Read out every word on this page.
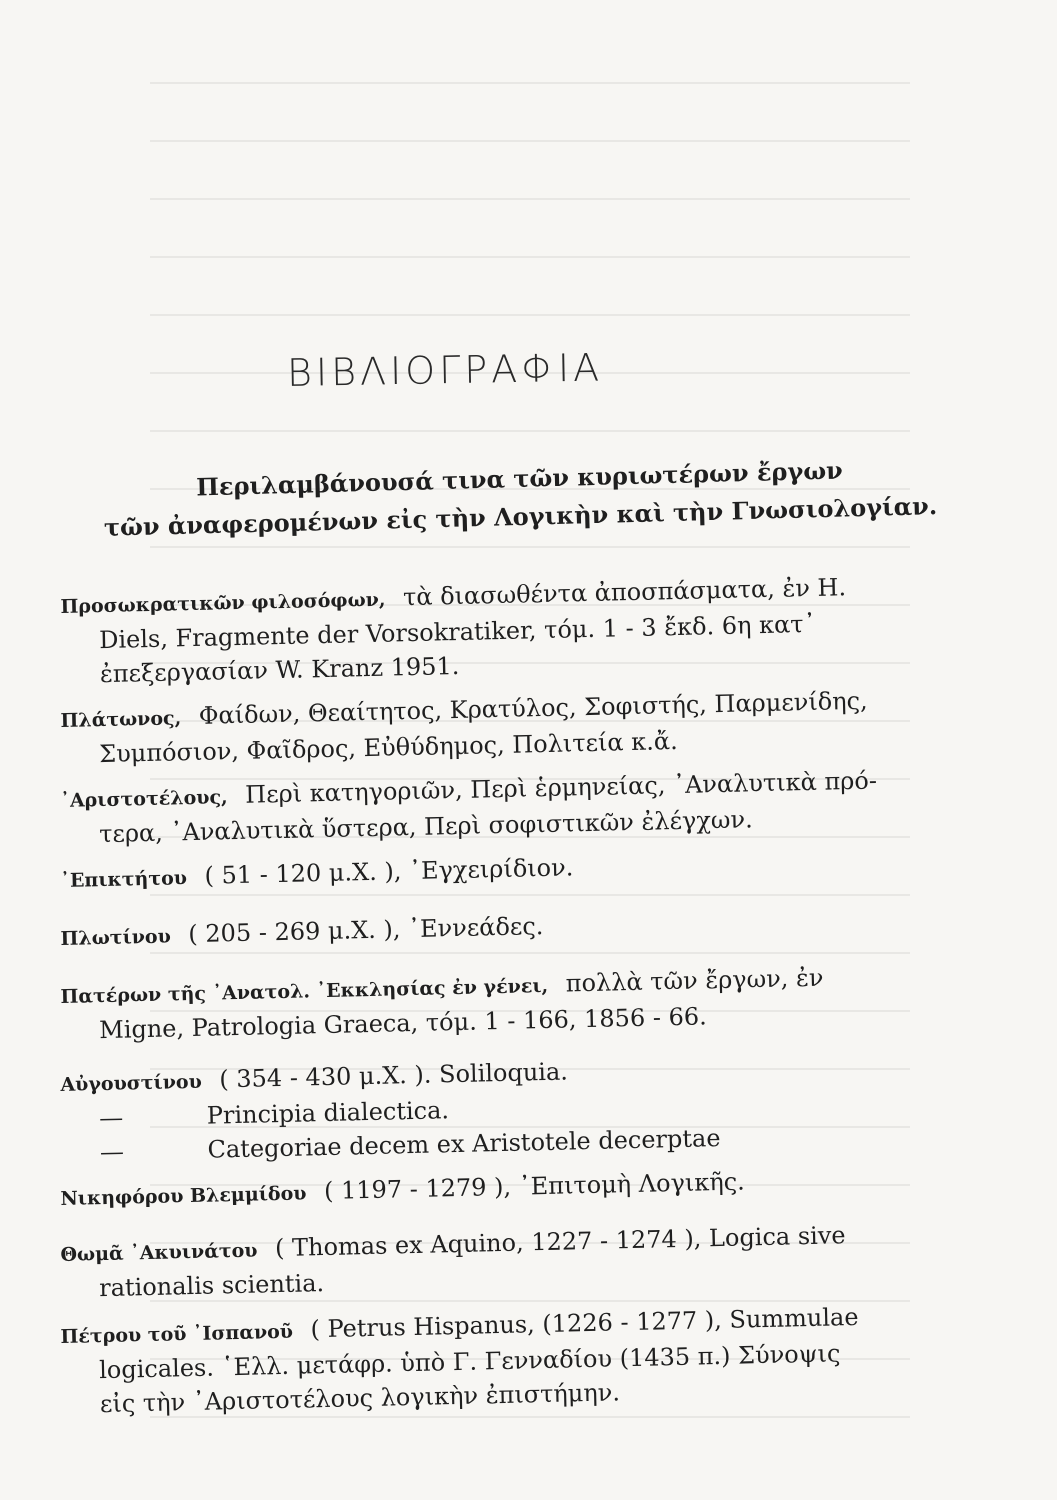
ΒΙΒΛΙΟΓΡΑΦΙΑ
Περιλαμβάνουσά τινα τῶν κυριωτέρων ἔργων
τῶν ἀναφερομένων εἰς τὴν Λογικὴν καὶ τὴν Γνωσιολογίαν.
Προσωκρατικῶν φιλοσόφων, τὰ διασωθέντα ἀποσπάσματα, ἐν Η.
Diels, Fragmente der Vorsokratiker, τόμ. 1 - 3 ἔκδ. 6η κατ᾽
ἐπεξεργασίαν W. Kranz 1951.
Πλάτωνος, Φαίδων, Θεαίτητος, Κρατύλος, Σοφιστής, Παρμενίδης,
Συμπόσιον, Φαῖδρος, Εὐθύδημος, Πολιτεία κ.ἄ.
᾽Αριστοτέλους, Περὶ κατηγοριῶν, Περὶ ἑρμηνείας, ᾽Αναλυτικὰ πρό-
τερα, ᾽Αναλυτικὰ ὕστερα, Περὶ σοφιστικῶν ἐλέγχων.
᾽Επικτήτου ( 51 - 120 μ.Χ. ), ᾽Εγχειρίδιον.
Πλωτίνου ( 205 - 269 μ.Χ. ), ᾽Εννεάδες.
Πατέρων τῆς ᾽Ανατολ. ᾽Εκκλησίας ἐν γένει, πολλὰ τῶν ἔργων, ἐν
Migne, Patrologia Graeca, τόμ. 1 - 166, 1856 - 66.
Αὐγουστίνου ( 354 - 430 μ.Χ. ). Soliloquia.
—	Principia dialectica.
—	Categoriae decem ex Aristotele decerptae
Νικηφόρου Βλεμμίδου ( 1197 - 1279 ), ᾽Επιτομὴ Λογικῆς.
Θωμᾶ ᾽Ακυινάτου ( Thomas ex Aquino, 1227 - 1274 ), Logica sive
rationalis scientia.
Πέτρου τοῦ ᾽Ισπανοῦ ( Petrus Hispanus, (1226 - 1277 ), Summulae
logicales. ῾Ελλ. μετάφρ. ὑπὸ Γ. Γενναδίου (1435 π.) Σύνοψις
εἰς τὴν ᾽Αριστοτέλους λογικὴν ἐπιστήμην.
